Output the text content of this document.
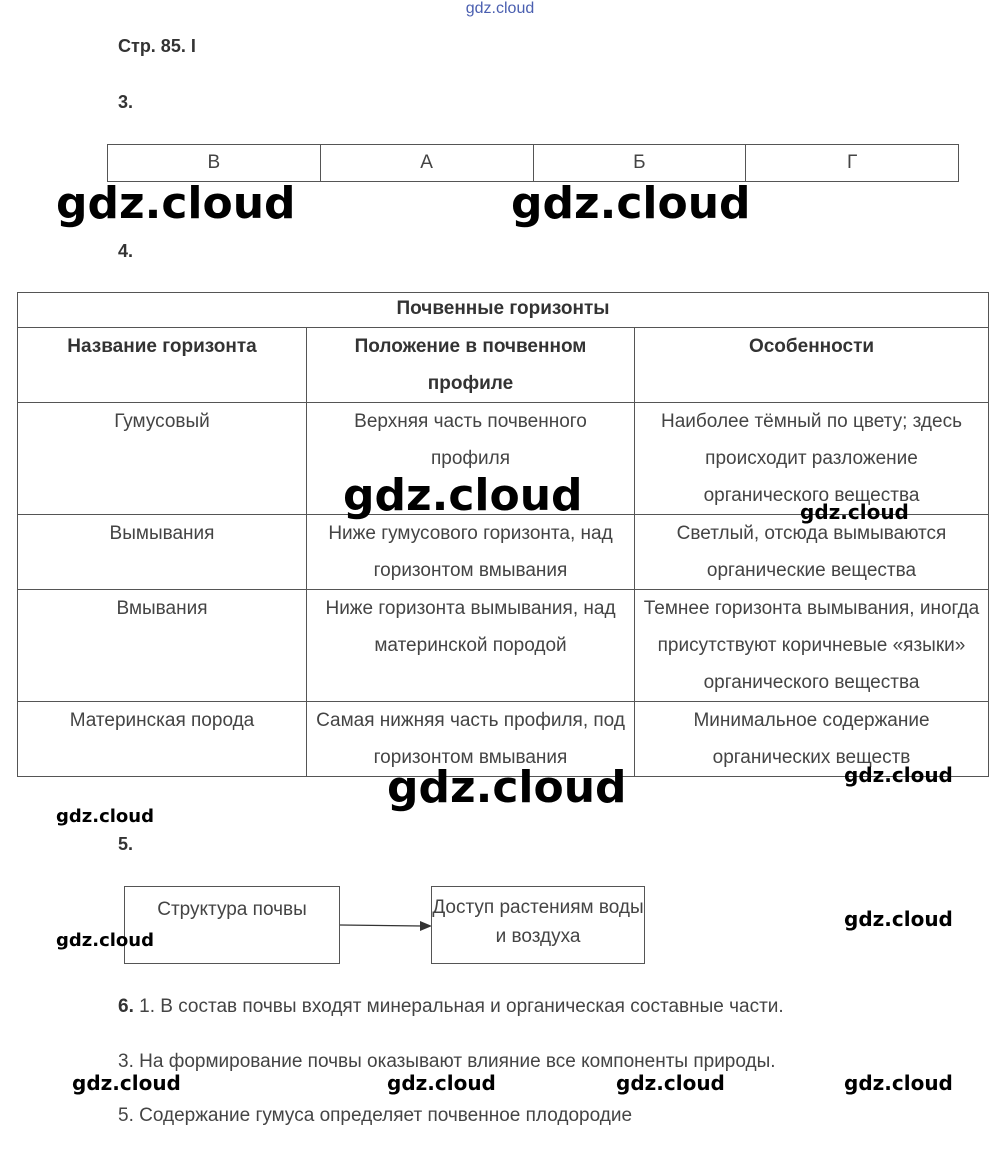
gdz.cloud
Стр. 85. I
3.
В	А	Б	Г
4.
Почвенные горизонты		
Название горизонта	Положение в почвенном профиле	Особенности
Гумусовый	Верхняя часть почвенного профиля	Наиболее тёмный по цвету; здесь происходит разложение органического вещества
Вымывания	Ниже гумусового горизонта, над горизонтом вмывания	Светлый, отсюда вымываются органические вещества
Вмывания	Ниже горизонта вымывания, над материнской породой	Темнее горизонта вымывания, иногда присутствуют коричневые «языки» органического вещества
Материнская порода	Самая нижняя часть профиля, под горизонтом вмывания	Минимальное содержание органических веществ
5.
Структура почвы	Доступ растениям воды и воздуха
6. 1. В состав почвы входят минеральная и органическая составные части.
3. На формирование почвы оказывают влияние все компоненты природы.
5. Содержание гумуса определяет почвенное плодородие
gdz.cloud	gdz.cloud
gdz.cloud
gdz.cloud
gdz.cloud
gdz.cloud
gdz.cloud
gdz.cloud
gdz.cloud
gdz.cloud	gdz.cloud	gdz.cloud	gdz.cloud
